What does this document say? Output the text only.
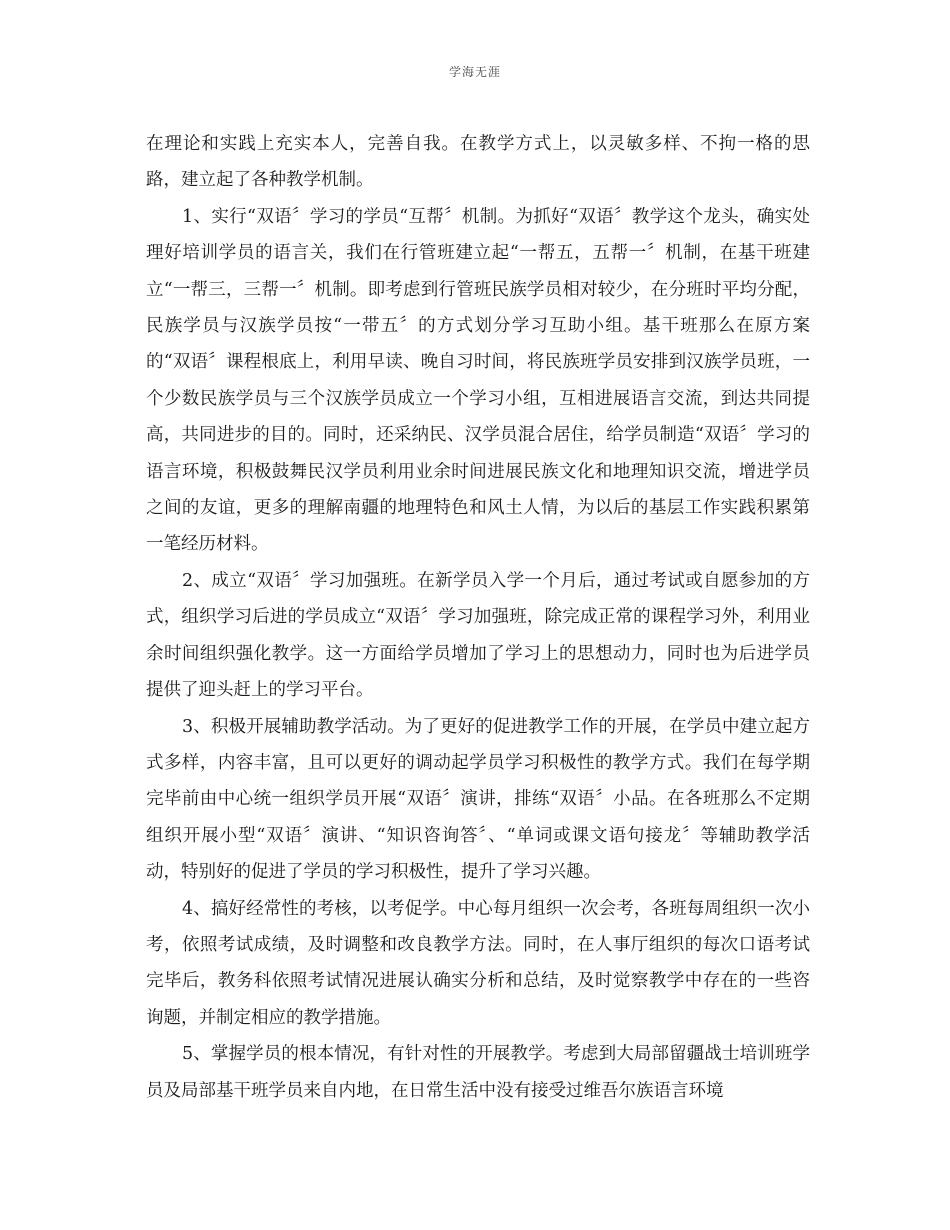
学海无涯

在理论和实践上充实本人，完善自我。在教学方式上，以灵敏多样、不拘一格的思路，建立起了各种教学机制。

1、实行“双语〞学习的学员“互帮〞机制。为抓好“双语〞教学这个龙头，确实处理好培训学员的语言关，我们在行管班建立起“一帮五，五帮一〞机制，在基干班建立“一帮三，三帮一〞机制。即考虑到行管班民族学员相对较少，在分班时平均分配，民族学员与汉族学员按“一带五〞的方式划分学习互助小组。基干班那么在原方案的“双语〞课程根底上，利用早读、晚自习时间，将民族班学员安排到汉族学员班，一个少数民族学员与三个汉族学员成立一个学习小组，互相进展语言交流，到达共同提高，共同进步的目的。同时，还采纳民、汉学员混合居住，给学员制造“双语〞学习的语言环境，积极鼓舞民汉学员利用业余时间进展民族文化和地理知识交流，增进学员之间的友谊，更多的理解南疆的地理特色和风土人情，为以后的基层工作实践积累第一笔经历材料。

2、成立“双语〞学习加强班。在新学员入学一个月后，通过考试或自愿参加的方式，组织学习后进的学员成立“双语〞学习加强班，除完成正常的课程学习外，利用业余时间组织强化教学。这一方面给学员增加了学习上的思想动力，同时也为后进学员提供了迎头赶上的学习平台。

3、积极开展辅助教学活动。为了更好的促进教学工作的开展，在学员中建立起方式多样，内容丰富，且可以更好的调动起学员学习积极性的教学方式。我们在每学期完毕前由中心统一组织学员开展“双语〞演讲，排练“双语〞小品。在各班那么不定期组织开展小型“双语〞演讲、“知识咨询答〞、“单词或课文语句接龙〞等辅助教学活动，特别好的促进了学员的学习积极性，提升了学习兴趣。

4、搞好经常性的考核，以考促学。中心每月组织一次会考，各班每周组织一次小考，依照考试成绩，及时调整和改良教学方法。同时，在人事厅组织的每次口语考试完毕后，教务科依照考试情况进展认确实分析和总结，及时觉察教学中存在的一些咨询题，并制定相应的教学措施。

5、掌握学员的根本情况，有针对性的开展教学。考虑到大局部留疆战士培训班学员及局部基干班学员来自内地，在日常生活中没有接受过维吾尔族语言环境
